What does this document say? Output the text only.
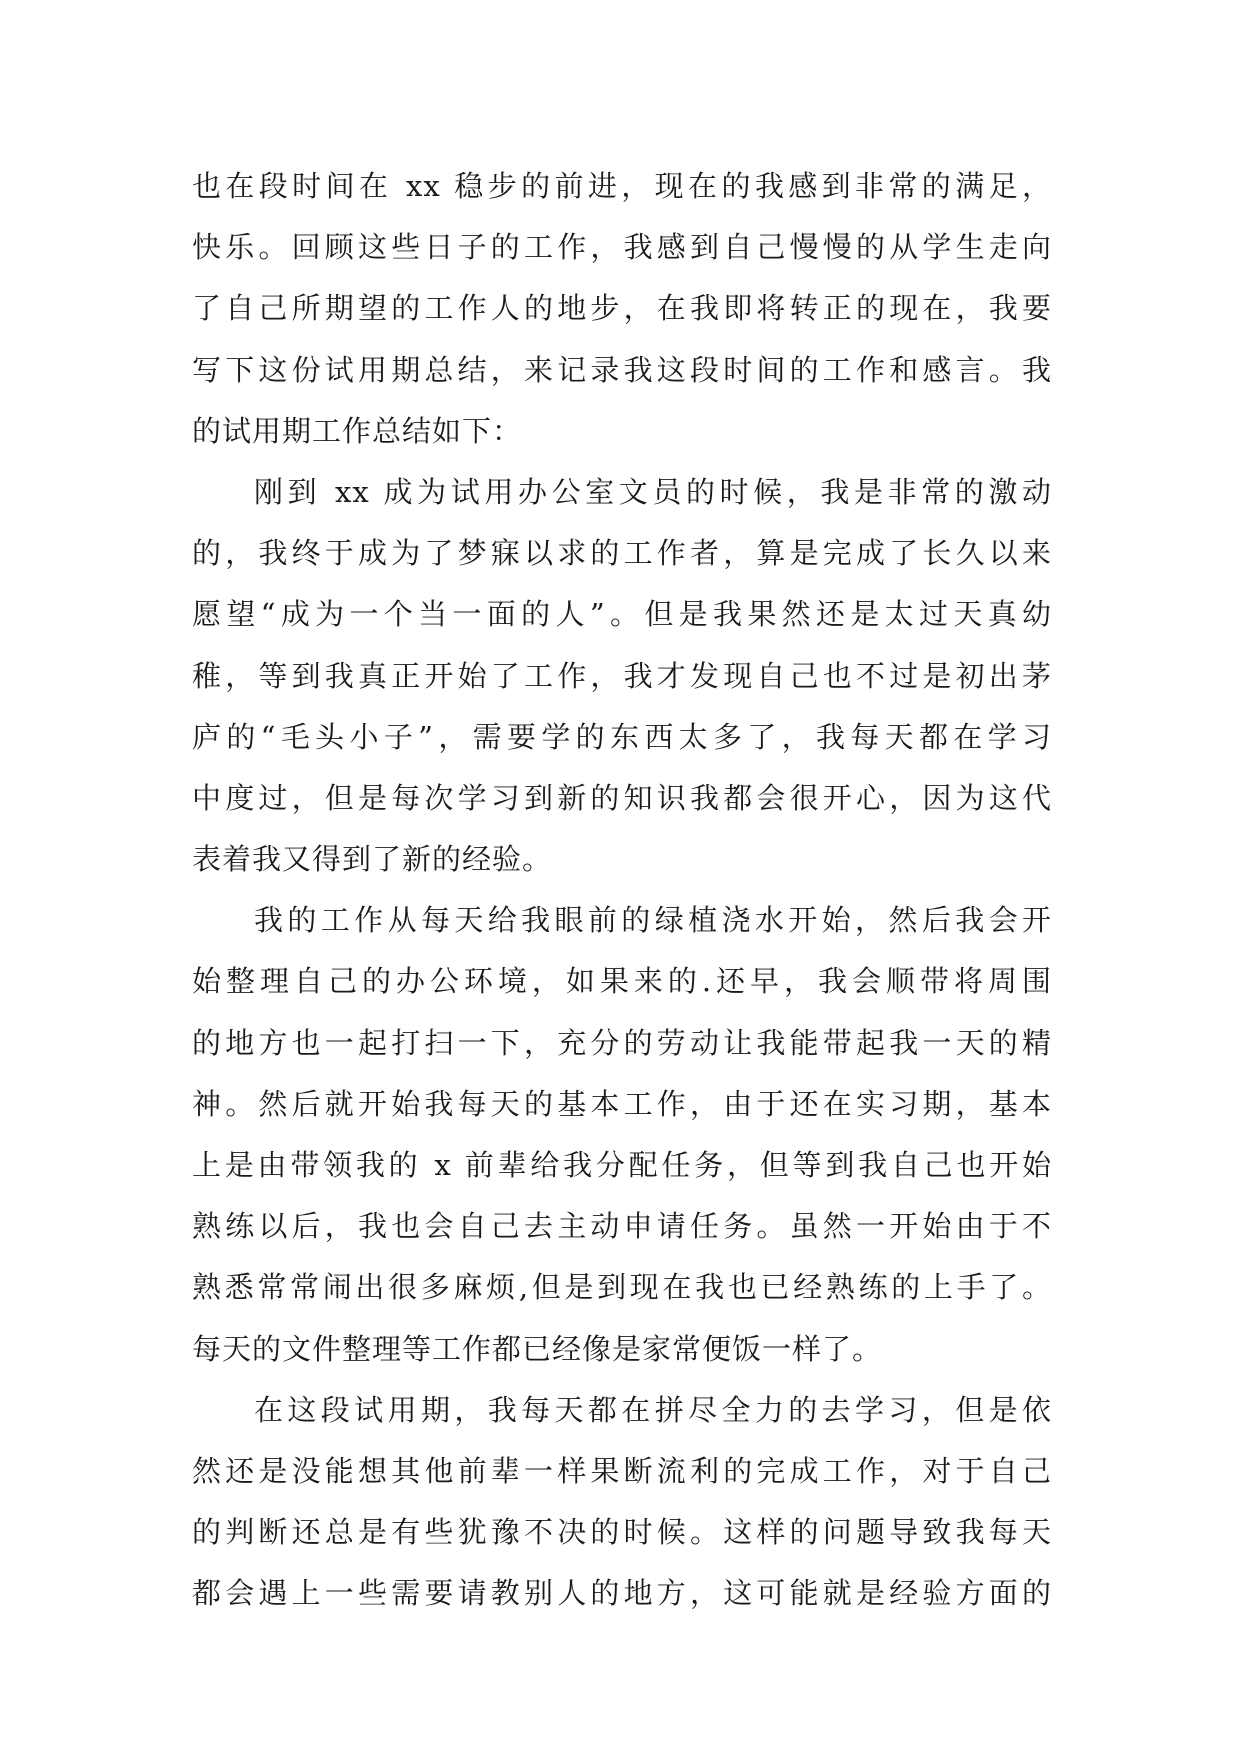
也在段时间在 xx 稳步的前进，现在的我感到非常的满足，
快乐。回顾这些日子的工作，我感到自己慢慢的从学生走向
了自己所期望的工作人的地步，在我即将转正的现在，我要
写下这份试用期总结，来记录我这段时间的工作和感言。我
的试用期工作总结如下：
刚到 xx 成为试用办公室文员的时候，我是非常的激动
的，我终于成为了梦寐以求的工作者，算是完成了长久以来
愿望“成为一个当一面的人”。但是我果然还是太过天真幼
稚，等到我真正开始了工作，我才发现自己也不过是初出茅
庐的“毛头小子”，需要学的东西太多了，我每天都在学习
中度过，但是每次学习到新的知识我都会很开心，因为这代
表着我又得到了新的经验。
我的工作从每天给我眼前的绿植浇水开始，然后我会开
始整理自己的办公环境，如果来的.还早，我会顺带将周围
的地方也一起打扫一下，充分的劳动让我能带起我一天的精
神。然后就开始我每天的基本工作，由于还在实习期，基本
上是由带领我的 x 前辈给我分配任务，但等到我自己也开始
熟练以后，我也会自己去主动申请任务。虽然一开始由于不
熟悉常常闹出很多麻烦,但是到现在我也已经熟练的上手了。
每天的文件整理等工作都已经像是家常便饭一样了。
在这段试用期，我每天都在拼尽全力的去学习，但是依
然还是没能想其他前辈一样果断流利的完成工作，对于自己
的判断还总是有些犹豫不决的时候。这样的问题导致我每天
都会遇上一些需要请教别人的地方，这可能就是经验方面的
